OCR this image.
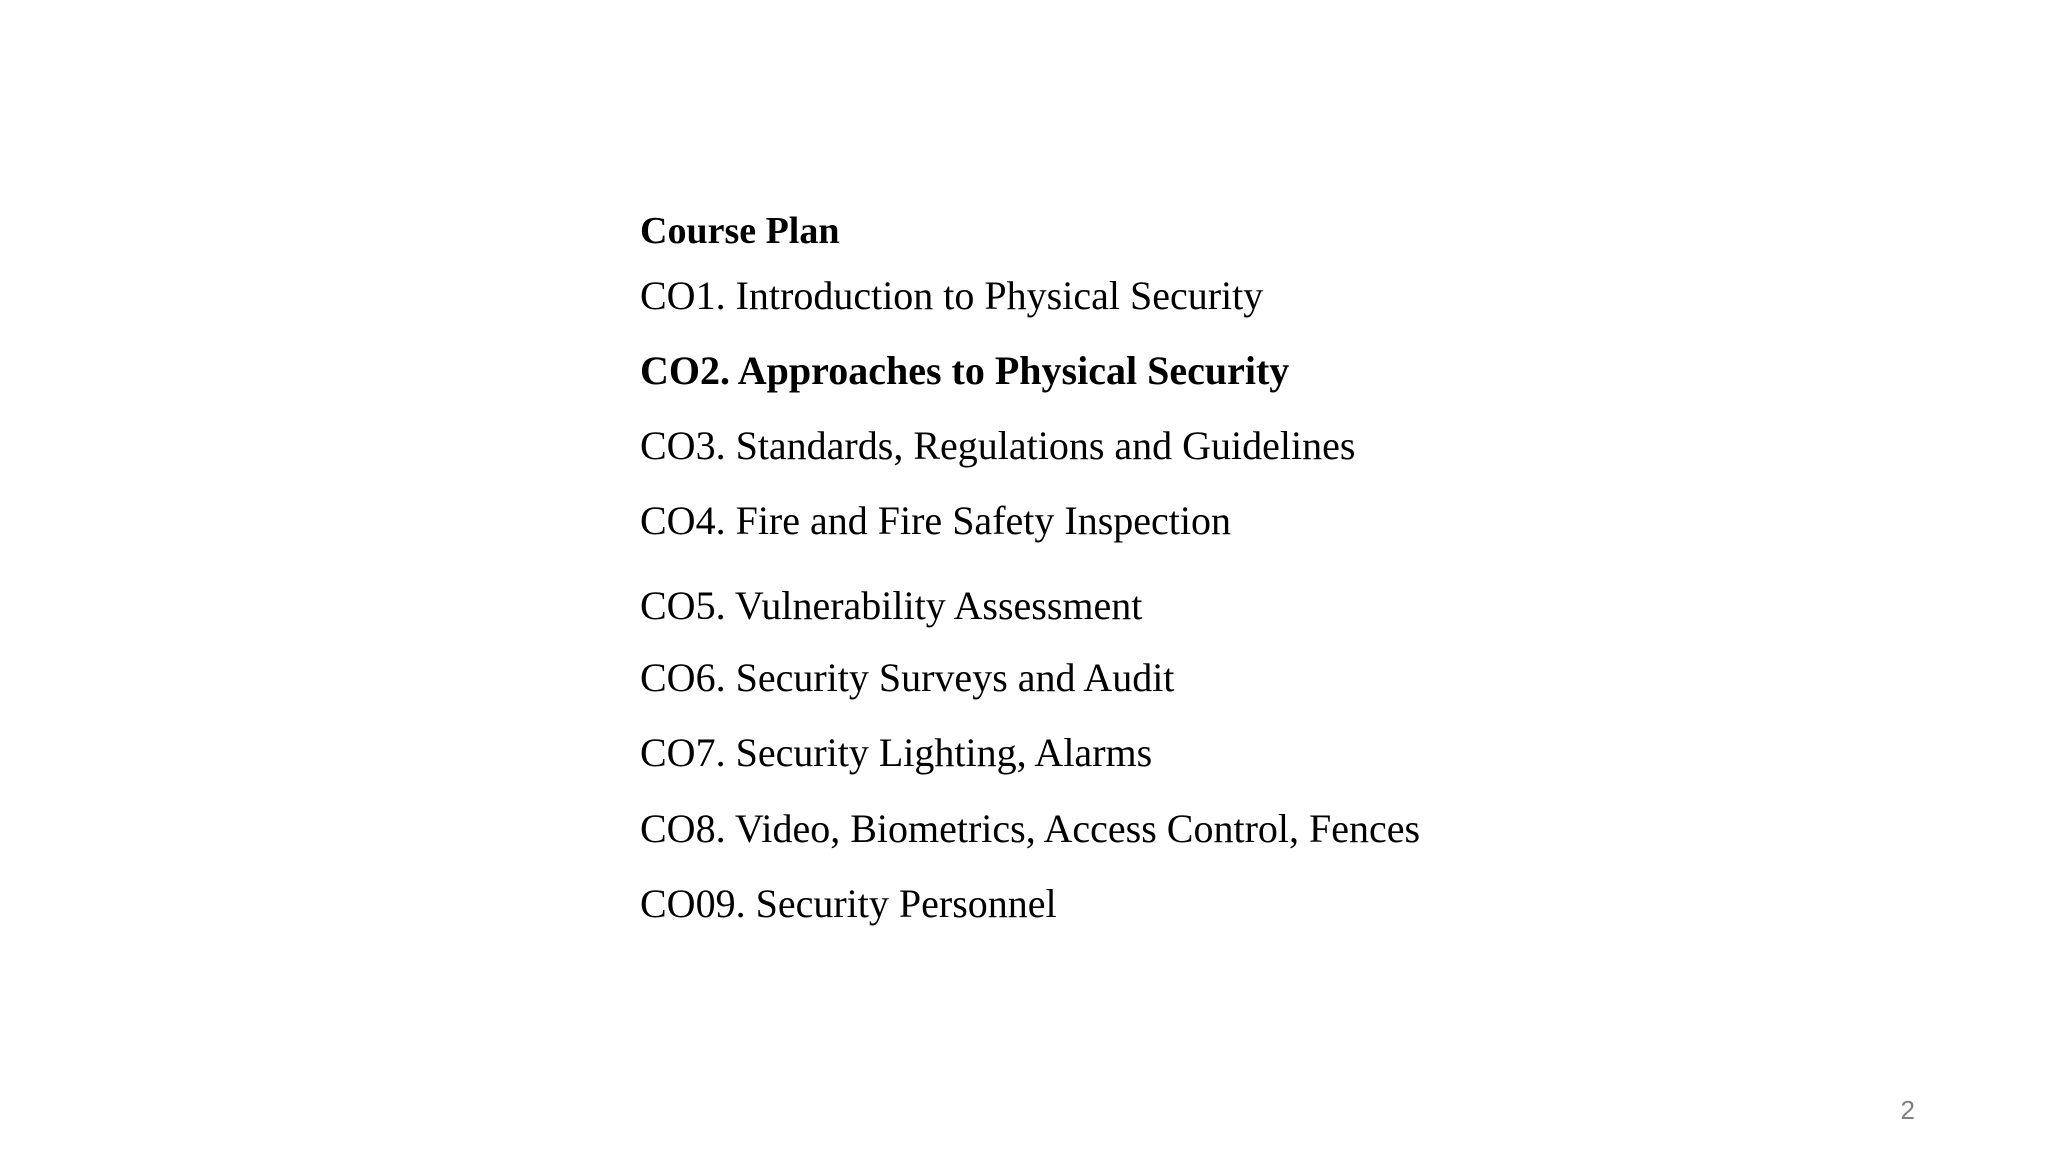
Course Plan
CO1. Introduction to Physical Security
CO2. Approaches to Physical Security
CO3. Standards, Regulations and Guidelines
CO4. Fire and Fire Safety Inspection
CO5. Vulnerability Assessment
CO6. Security Surveys and Audit
CO7. Security Lighting, Alarms
CO8. Video, Biometrics, Access Control, Fences
CO09. Security Personnel
2
